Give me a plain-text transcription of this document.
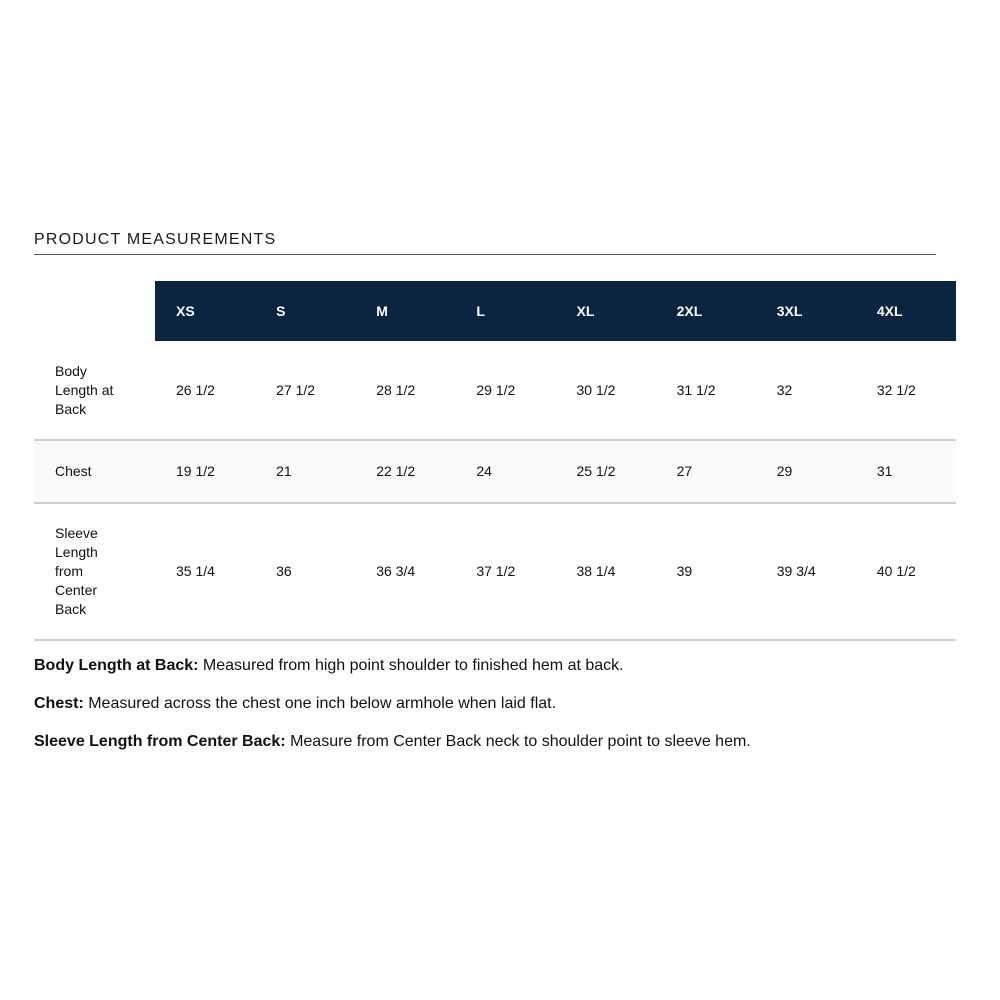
PRODUCT MEASUREMENTS
	XS	S	M	L	XL	2XL	3XL	4XL

Body Length at Back	26 1/2	27 1/2	28 1/2	29 1/2	30 1/2	31 1/2	32	32 1/2

Chest	19 1/2	21	22 1/2	24	25 1/2	27	29	31

Sleeve Length from Center Back	35 1/4	36	36 3/4	37 1/2	38 1/4	39	39 3/4	40 1/2

Body Length at Back: Measured from high point shoulder to finished hem at back.

Chest: Measured across the chest one inch below armhole when laid flat.

Sleeve Length from Center Back: Measure from Center Back neck to shoulder point to sleeve hem.
